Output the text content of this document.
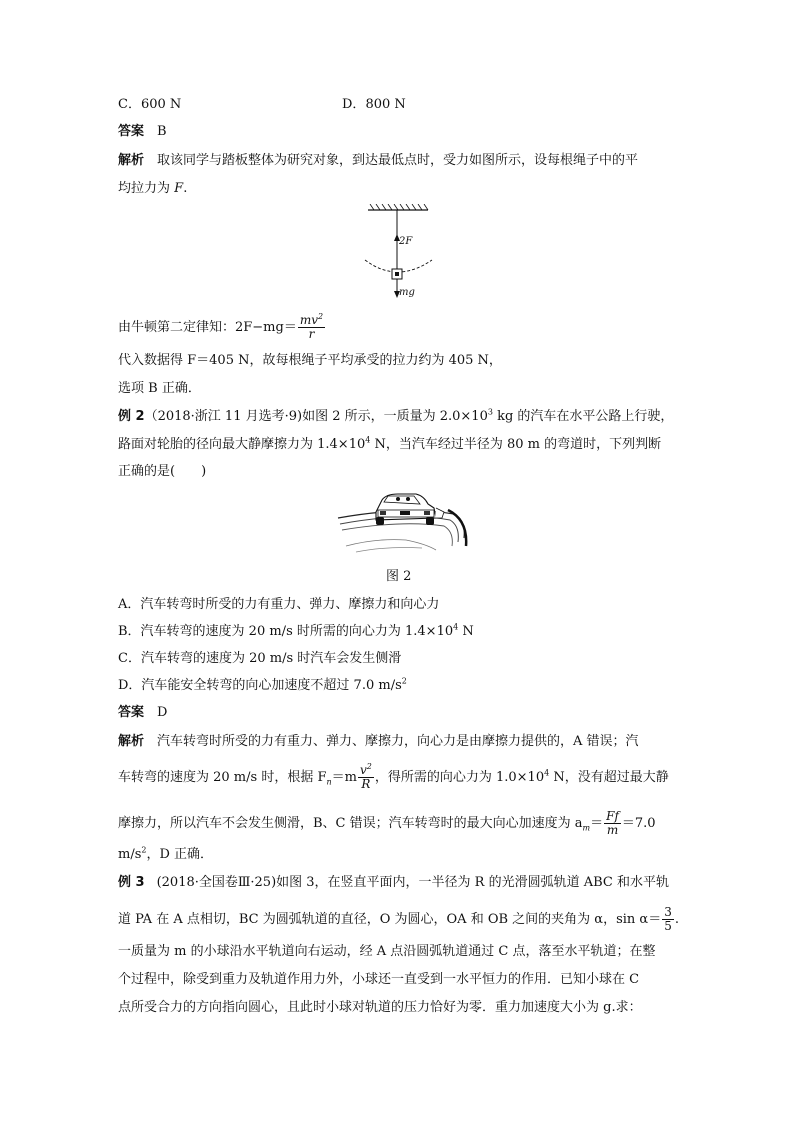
C．600 N	D．800 N
答案　 B
解析　 取该同学与踏板整体为研究对象，到达最低点时，受力如图所示，设每根绳子中的平
均拉力为 F.
2F
mg
由牛顿第二定律知：$2F-mg= \frac{mv^2}{r}$
代入数据得 F＝405 N，故每根绳子平均承受的拉力约为 405 N，
选项 B 正确．
例 2（2018·浙江 11 月选考·9)如图 2 所示，一质量为 $2.0\times 10^3$ kg 的汽车在水平公路上行驶，
路面对轮胎的径向最大静摩擦力为 $1.4\times 10^4$ N，当汽车经过半径为 80 m 的弯道时，下列判断
正确的是(　　)
图 2
A．汽车转弯时所受的力有重力、弹力、摩擦力和向心力
B．汽车转弯的速度为 20 m/s 时所需的向心力为 $1.4\times 10^4$ N
C．汽车转弯的速度为 20 m/s 时汽车会发生侧滑
D．汽车能安全转弯的向心加速度不超过 7.0 $m/s^2$
答案　 D
解析　 汽车转弯时所受的力有重力、弹力、摩擦力，向心力是由摩擦力提供的，A 错误；汽
车转弯的速度为 20 m/s 时，根据 $F_n=m \frac{v^2}{R}$ ，得所需的向心力为 $1.0\times 10^4$ N，没有超过最大静
摩擦力，所以汽车不会发生侧滑，B、C 错误；汽车转弯时的最大向心加速度为 $a_m= \frac{Ff}{m} =7.0$
$m/s^2$，D 正确．
例 3 (2018·全国卷Ⅲ·25)如图 3，在竖直平面内，一半径为 R 的光滑圆弧轨道 ABC 和水平轨
道 PA 在 A 点相切，BC 为圆弧轨道的直径，O 为圆心，OA 和 OB 之间的夹角为 α，$\sin \alpha= \frac{3}{5}$ .
一质量为 m 的小球沿水平轨道向右运动，经 A 点沿圆弧轨道通过 C 点，落至水平轨道；在整
个过程中，除受到重力及轨道作用力外，小球还一直受到一水平恒力的作用．已知小球在 C
点所受合力的方向指向圆心，且此时小球对轨道的压力恰好为零．重力加速度大小为 g.求：
